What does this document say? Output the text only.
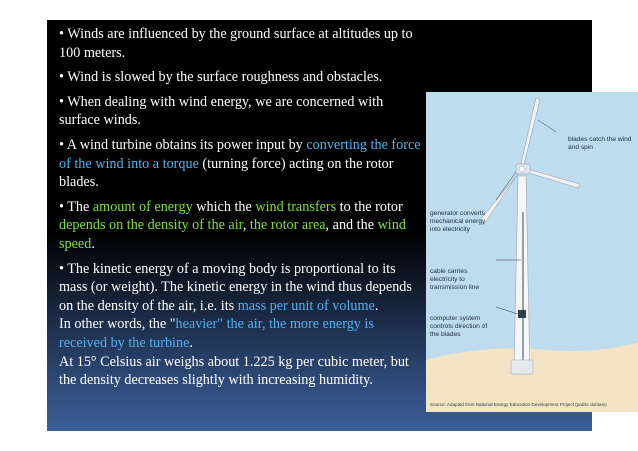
• Winds are influenced by the ground surface at altitudes up to 100 meters.

• Wind is slowed by the surface roughness and obstacles.

• When dealing with wind energy, we are concerned with surface winds.

• A wind turbine obtains its power input by converting the force of the wind into a torque (turning force) acting on the rotor blades.

• The amount of energy which the wind transfers to the rotor depends on the density of the air, the rotor area, and the wind speed.

• The kinetic energy of a moving body is proportional to its mass (or weight). The kinetic energy in the wind thus depends on the density of the air, i.e. its mass per unit of volume.
In other words, the "heavier" the air, the more energy is received by the turbine.
At 15° Celsius air weighs about 1.225 kg per cubic meter, but the density decreases slightly with increasing humidity.

blades catch the wind and spin
generator converts mechanical energy into electricity
cable carries electricity to transmission line
computer system controls direction of the blades
Source: Adapted from National Energy Education Development Project (public domain)
